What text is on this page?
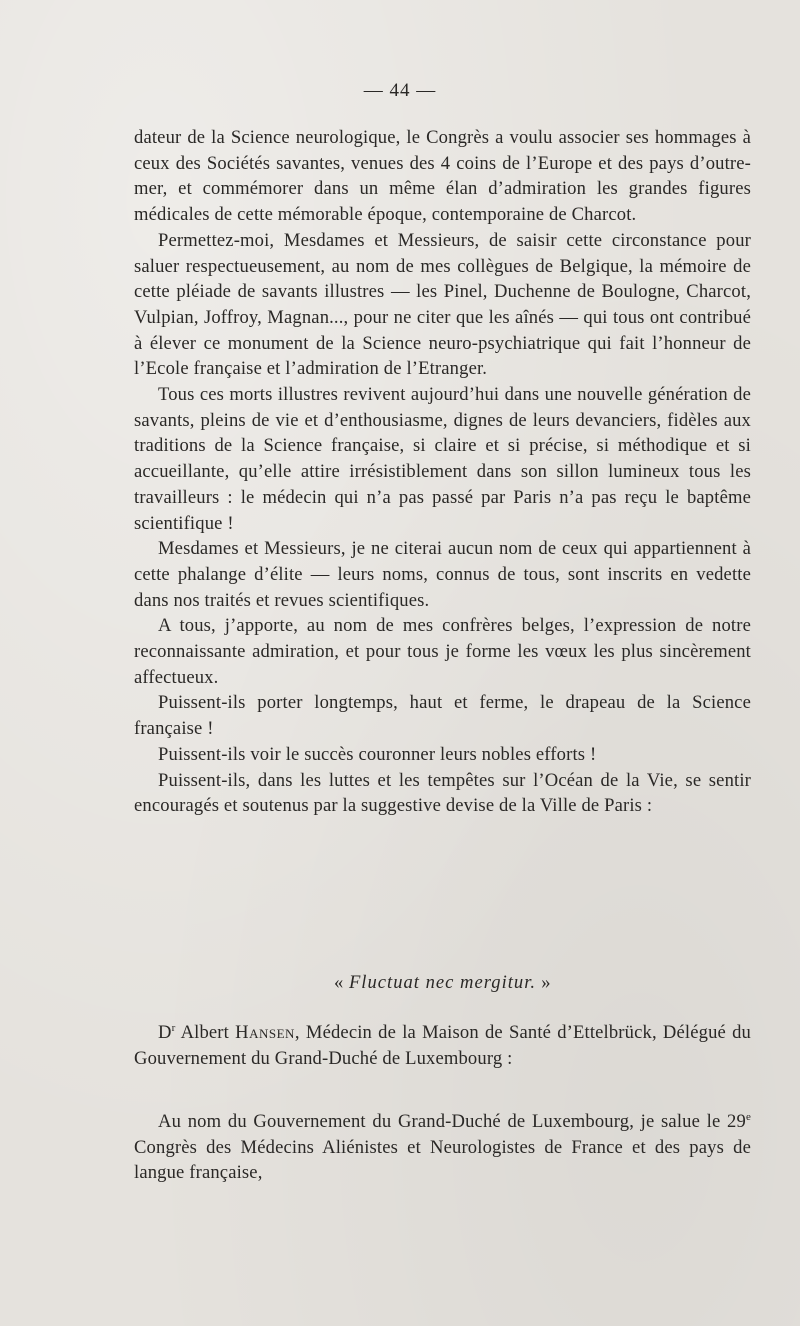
— 44 —

dateur de la Science neurologique, le Congrès a voulu associer ses hommages à ceux des Sociétés savantes, venues des 4 coins de l’Europe et des pays d’outre-mer, et commémorer dans un même élan d’admiration les grandes figures médicales de cette mémorable époque, contemporaine de Charcot.

Permettez-moi, Mesdames et Messieurs, de saisir cette circonstance pour saluer respectueusement, au nom de mes collègues de Belgique, la mémoire de cette pléiade de savants illustres — les Pinel, Duchenne de Boulogne, Charcot, Vulpian, Joffroy, Magnan..., pour ne citer que les aînés — qui tous ont contribué à élever ce monument de la Science neuro-psychiatrique qui fait l’honneur de l’Ecole française et l’admiration de l’Etranger.

Tous ces morts illustres revivent aujourd’hui dans une nouvelle génération de savants, pleins de vie et d’enthousiasme, dignes de leurs devanciers, fidèles aux traditions de la Science française, si claire et si précise, si méthodique et si accueillante, qu’elle attire irrésistiblement dans son sillon lumineux tous les travailleurs : le médecin qui n’a pas passé par Paris n’a pas reçu le baptême scientifique !

Mesdames et Messieurs, je ne citerai aucun nom de ceux qui appartiennent à cette phalange d’élite — leurs noms, connus de tous, sont inscrits en vedette dans nos traités et revues scientifiques.

A tous, j’apporte, au nom de mes confrères belges, l’expression de notre reconnaissante admiration, et pour tous je forme les vœux les plus sincèrement affectueux.

Puissent-ils porter longtemps, haut et ferme, le drapeau de la Science française !

Puissent-ils voir le succès couronner leurs nobles efforts !

Puissent-ils, dans les luttes et les tempêtes sur l’Océan de la Vie, se sentir encouragés et soutenus par la suggestive devise de la Ville de Paris :

« Fluctuat nec mergitur. »

$D^r$ Albert Hansen, Médecin de la Maison de Santé d’Ettelbrück, Délégué du Gouvernement du Grand-Duché de Luxembourg :

Au nom du Gouvernement du Grand-Duché de Luxembourg, je salue le 29e Congrès des Médecins Aliénistes et Neurologistes de France et des pays de langue française,
